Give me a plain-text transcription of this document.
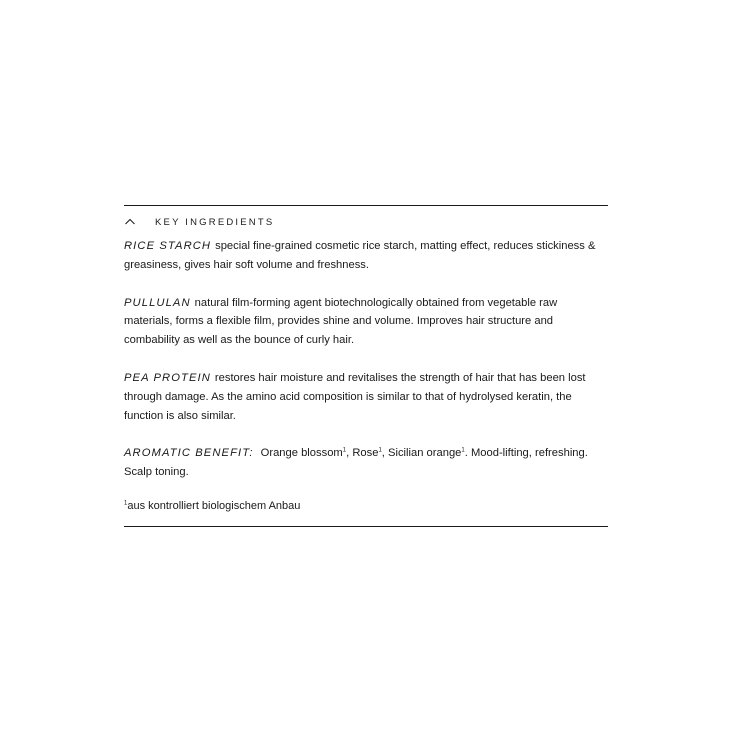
KEY INGREDIENTS

RICE STARCH special fine-grained cosmetic rice starch, matting effect, reduces stickiness & greasiness, gives hair soft volume and freshness.

PULLULAN natural film-forming agent biotechnologically obtained from vegetable raw materials, forms a flexible film, provides shine and volume. Improves hair structure and combability as well as the bounce of curly hair.

PEA PROTEIN restores hair moisture and revitalises the strength of hair that has been lost through damage. As the amino acid composition is similar to that of hydrolysed keratin, the function is also similar.

AROMATIC BENEFIT: Orange blossom$^1$, Rose$^1$, Sicilian orange$^1$. Mood-lifting, refreshing. Scalp toning.

$^1$aus kontrolliert biologischem Anbau
